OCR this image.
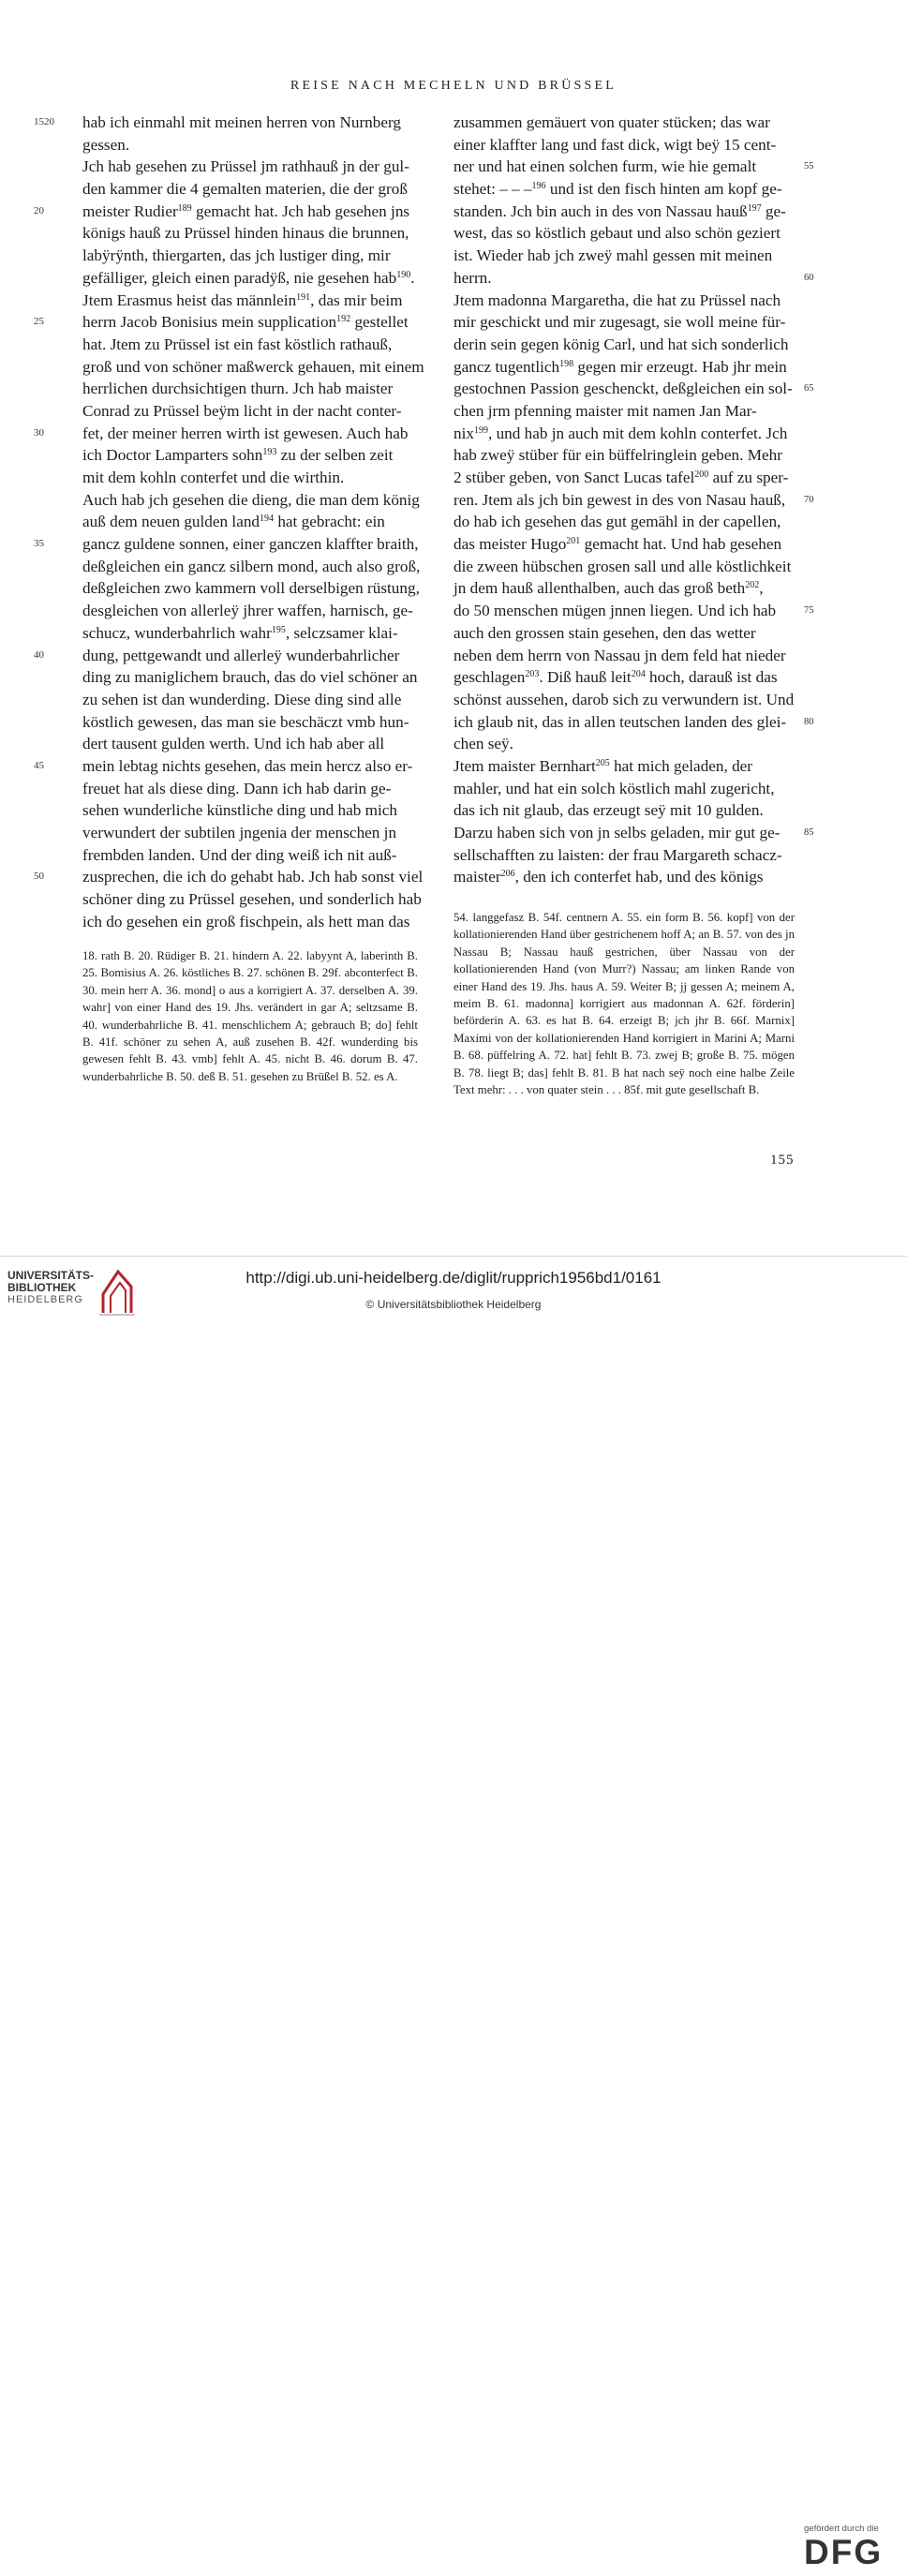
REISE NACH MECHELN UND BRÜSSEL
1520 hab ich einmahl mit meinen herren von Nurnberg
gessen.
Jch hab gesehen zu Prüssel jm rathhauß jn der gul-
den kammer die 4 gemalten materien, die der groß
20 meister Rudier$^{189}$ gemacht hat. Jch hab gesehen jns
königs hauß zu Prüssel hinden hinaus die brunnen,
labÿrÿnth, thiergarten, das jch lustiger ding, mir
gefälliger, gleich einen paradÿß, nie gesehen hab$^{190}$.
Jtem Erasmus heist das männlein$^{191}$, das mir beim
25 herrn Jacob Bonisius mein supplication$^{192}$ gestellet
hat. Jtem zu Prüssel ist ein fast köstlich rathauß,
groß und von schöner maßwerck gehauen, mit einem
herrlichen durchsichtigen thurn. Jch hab maister
Conrad zu Prüssel beÿm licht in der nacht conter-
30 fet, der meiner herren wirth ist gewesen. Auch hab
ich Doctor Lamparters sohn$^{193}$ zu der selben zeit
mit dem kohln conterfet und die wirthin.
Auch hab jch gesehen die dieng, die man dem könig
auß dem neuen gulden land$^{194}$ hat gebracht: ein
35 gancz guldene sonnen, einer ganczen klaffter braith,
deßgleichen ein gancz silbern mond, auch also groß,
deßgleichen zwo kammern voll derselbigen rüstung,
desgleichen von allerleÿ jhrer waffen, harnisch, ge-
schucz, wunderbahrlich wahr$^{195}$, selczsamer klai-
40 dung, pettgewandt und allerleÿ wunderbahrlicher
ding zu maniglichem brauch, das do viel schöner an
zu sehen ist dan wunderding. Diese ding sind alle
köstlich gewesen, das man sie beschäczt vmb hun-
dert tausent gulden werth. Und ich hab aber all
45 mein lebtag nichts gesehen, das mein hercz also er-
freuet hat als diese ding. Dann ich hab darin ge-
sehen wunderliche künstliche ding und hab mich
verwundert der subtilen jngenia der menschen jn
frembden landen. Und der ding weiß ich nit auß-
50 zusprechen, die ich do gehabt hab. Jch hab sonst viel
schöner ding zu Prüssel gesehen, und sonderlich hab
ich do gesehen ein groß fischpein, als hett man das
zusammen gemäuert von quater stücken; das war
einer klaffter lang und fast dick, wigt beÿ 15 cent-
55
ner und hat einen solchen furm, wie hie gemalt
stehet: – – –$^{196}$ und ist den fisch hinten am kopf ge-
standen. Jch bin auch in des von Nassau hauß$^{197}$ ge-
west, das so köstlich gebaut und also schön geziert
ist. Wieder hab jch zweÿ mahl gessen mit meinen
60
herrn.
Jtem madonna Margaretha, die hat zu Prüssel nach
mir geschickt und mir zugesagt, sie woll meine für-
derin sein gegen könig Carl, und hat sich sonderlich
gancz tugentlich$^{198}$ gegen mir erzeugt. Hab jhr mein
65
gestochnen Passion geschenckt, deßgleichen ein sol-
chen jrm pfenning maister mit namen Jan Mar-
nix$^{199}$, und hab jn auch mit dem kohln conterfet. Jch
hab zweÿ stüber für ein büffelringlein geben. Mehr
2 stüber geben, von Sanct Lucas tafel$^{200}$ auf zu sper-
70
ren. Jtem als jch bin gewest in des von Nasau hauß,
do hab ich gesehen das gut gemähl in der capellen,
das meister Hugo$^{201}$ gemacht hat. Und hab gesehen
die zween hübschen grosen sall und alle köstlichkeit
jn dem hauß allenthalben, auch das groß beth$^{202}$,
75
do 50 menschen mügen jnnen liegen. Und ich hab
auch den grossen stain gesehen, den das wetter
neben dem herrn von Nassau jn dem feld hat nieder
geschlagen$^{203}$. Diß hauß leit$^{204}$ hoch, darauß ist das
schönst aussehen, darob sich zu verwundern ist. Und
80
ich glaub nit, das in allen teutschen landen des glei-
chen seÿ.
Jtem maister Bernhart$^{205}$ hat mich geladen, der
mahler, und hat ein solch köstlich mahl zugericht,
das ich nit glaub, das erzeugt seÿ mit 10 gulden.
85
Darzu haben sich von jn selbs geladen, mir gut ge-
sellschafften zu laisten: der frau Margareth schacz-
maister$^{206}$, den ich conterfet hab, und des königs
18. rath B. 20. Rüdiger B. 21. hindern A. 22. labyynt A, laberinth B. 25. Bomisius A. 26. köstliches B. 27. schönen B. 29f. abconterfect B. 30. mein herr A. 36. mond] o aus a korrigiert A. 37. derselben A. 39. wahr] von einer Hand des 19. Jhs. verändert in gar A; seltzsame B. 40. wunderbahrliche B. 41. menschlichem A; gebrauch B; do] fehlt B. 41f. schöner zu sehen A, auß zusehen B. 42f. wunderding bis gewesen fehlt B. 43. vmb] fehlt A. 45. nicht B. 46. dorum B. 47. wunderbahrliche B. 50. deß B. 51. gesehen zu Brüßel B. 52. es A.
54. langgefasz B. 54f. centnern A. 55. ein form B. 56. kopf] von der kollationierenden Hand über gestrichenem hoff A; an B. 57. von des jn Nassau B; Nassau hauß gestrichen, über Nassau von der kollationierenden Hand (von Murr?) Nassau; am linken Rande von einer Hand des 19. Jhs. haus A. 59. Weiter B; jj gessen A; meinem A, meim B. 61. madonna] korrigiert aus madonnan A. 62f. förderin] beförderin A. 63. es hat B. 64. erzeigt B; jch jhr B. 66f. Marnix] Maximi von der kollationierenden Hand korrigiert in Marini A; Marni B. 68. püffelring A. 72. hat] fehlt B. 73. zwej B; große B. 75. mögen B. 78. liegt B; das] fehlt B. 81. B hat nach seÿ noch eine halbe Zeile Text mehr: . . . von quater stein . . . 85f. mit gute gesellschaft B.
155
UNIVERSITÄTS-
BIBLIOTHEK
HEIDELBERG
gefördert durch die
DFG
http://digi.ub.uni-heidelberg.de/diglit/rupprich1956bd1/0161
© Universitätsbibliothek Heidelberg
